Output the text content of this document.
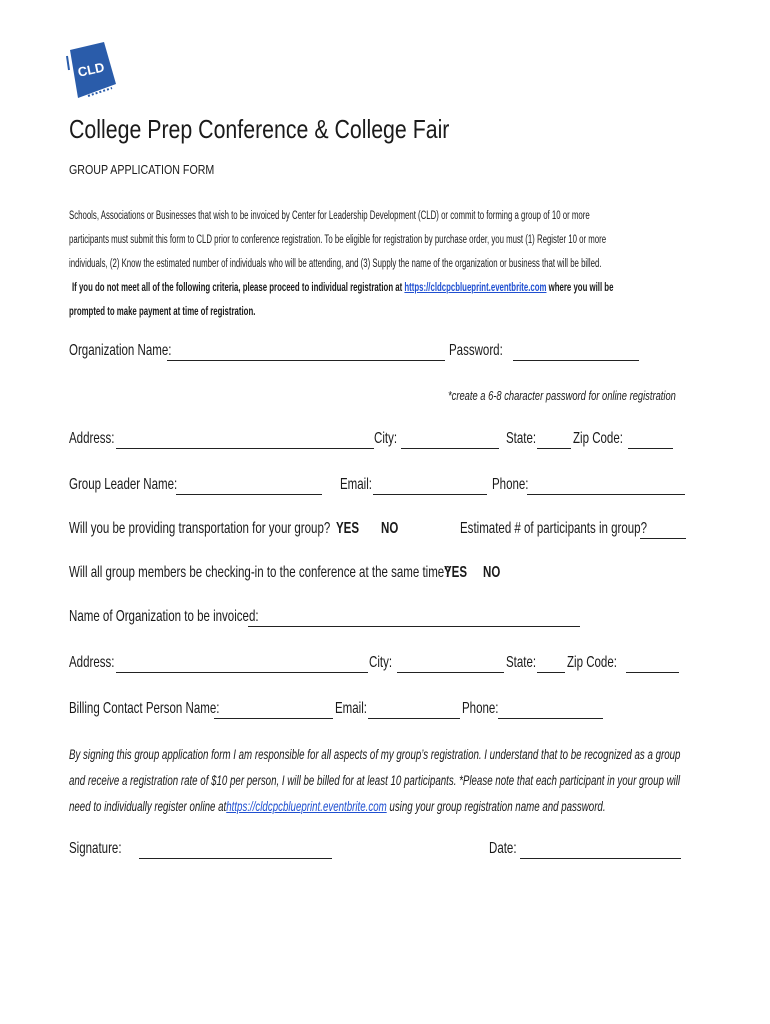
CLD
College Prep Conference & College Fair
GROUP APPLICATION FORM
Schools, Associations or Businesses that wish to be invoiced by Center for Leadership Development (CLD) or commit to forming a group of 10 or more
participants must submit this form to CLD prior to conference registration. To be eligible for registration by purchase order, you must (1) Register 10 or more
individuals, (2) Know the estimated number of individuals who will be attending, and (3) Supply the name of the organization or business that will be billed.
If you do not meet all of the following criteria, please proceed to individual registration at https://cldcpcblueprint.eventbrite.com where you will be
prompted to make payment at time of registration.
Organization Name:	Password:
*create a 6-8 character password for online registration
Address:	City:	State:	Zip Code:
Group Leader Name:	Email:	Phone:
Will you be providing transportation for your group? YES	NO	Estimated # of participants in group?
Will all group members be checking-in to the conference at the same time?
YES NO
Name of Organization to be invoiced:
Address:	City:	State:	Zip Code:
Billing Contact Person Name:	Email:	Phone:
By signing this group application form I am responsible for all aspects of my group’s registration. I understand that to be recognized as a group
and receive a registration rate of $10 per person, I will be billed for at least 10 participants. *Please note that each participant in your group will
need to individually register online athttps://cldcpcblueprint.eventbrite.com using your group registration name and password.
Signature:	Date:
